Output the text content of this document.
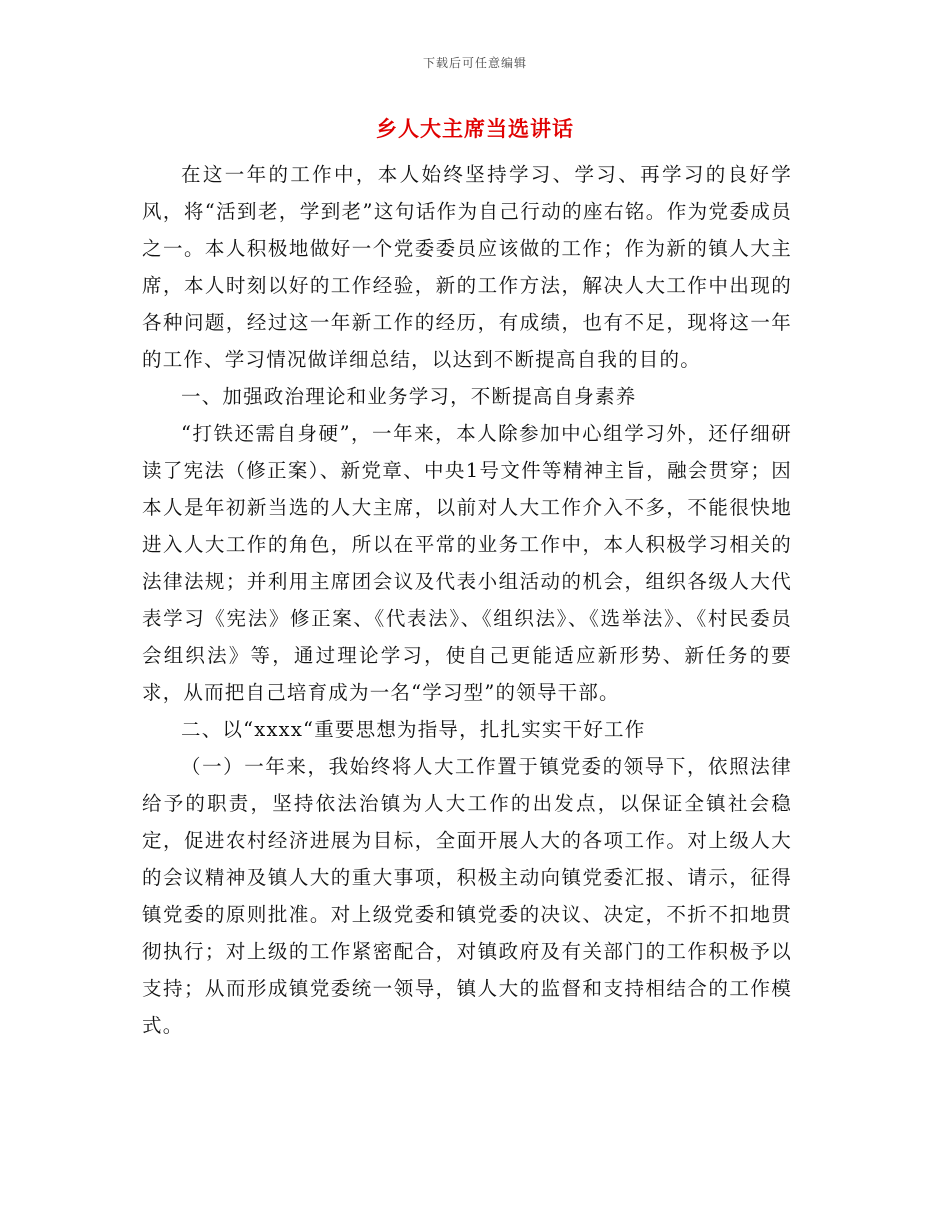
下载后可任意编辑
乡人大主席当选讲话

在这一年的工作中，本人始终坚持学习、学习、再学习的良好学风，将“活到老，学到老”这句话作为自己行动的座右铭。作为党委成员之一。本人积极地做好一个党委委员应该做的工作；作为新的镇人大主席，本人时刻以好的工作经验，新的工作方法，解决人大工作中出现的各种问题，经过这一年新工作的经历，有成绩，也有不足，现将这一年的工作、学习情况做详细总结，以达到不断提高自我的目的。

一、加强政治理论和业务学习，不断提高自身素养

“打铁还需自身硬”，一年来，本人除参加中心组学习外，还仔细研读了宪法（修正案）、新党章、中央1号文件等精神主旨，融会贯穿；因本人是年初新当选的人大主席，以前对人大工作介入不多，不能很快地进入人大工作的角色，所以在平常的业务工作中，本人积极学习相关的法律法规；并利用主席团会议及代表小组活动的机会，组织各级人大代表学习《宪法》修正案、《代表法》、《组织法》、《选举法》、《村民委员会组织法》等，通过理论学习，使自己更能适应新形势、新任务的要求，从而把自己培育成为一名“学习型”的领导干部。

二、以“xxxx“重要思想为指导，扎扎实实干好工作

（一）一年来，我始终将人大工作置于镇党委的领导下，依照法律给予的职责，坚持依法治镇为人大工作的出发点，以保证全镇社会稳定，促进农村经济进展为目标，全面开展人大的各项工作。对上级人大的会议精神及镇人大的重大事项，积极主动向镇党委汇报、请示，征得镇党委的原则批准。对上级党委和镇党委的决议、决定，不折不扣地贯彻执行；对上级的工作紧密配合，对镇政府及有关部门的工作积极予以支持；从而形成镇党委统一领导，镇人大的监督和支持相结合的工作模式。
